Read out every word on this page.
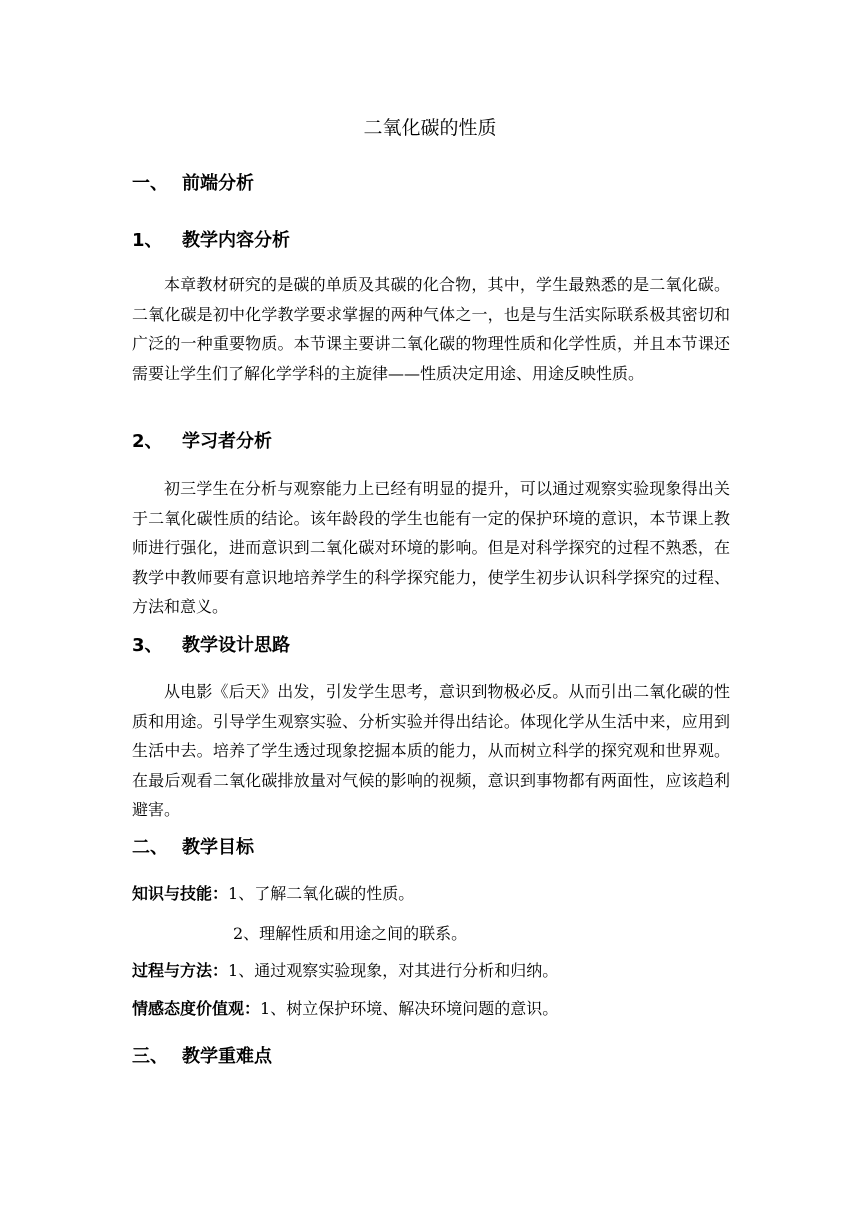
二氧化碳的性质
一、 前端分析
1、 教学内容分析
本章教材研究的是碳的单质及其碳的化合物，其中，学生最熟悉的是二氧化碳。二氧化碳是初中化学教学要求掌握的两种气体之一，也是与生活实际联系极其密切和广泛的一种重要物质。本节课主要讲二氧化碳的物理性质和化学性质，并且本节课还需要让学生们了解化学学科的主旋律——性质决定用途、用途反映性质。
2、 学习者分析
初三学生在分析与观察能力上已经有明显的提升，可以通过观察实验现象得出关于二氧化碳性质的结论。该年龄段的学生也能有一定的保护环境的意识，本节课上教师进行强化，进而意识到二氧化碳对环境的影响。但是对科学探究的过程不熟悉，在教学中教师要有意识地培养学生的科学探究能力，使学生初步认识科学探究的过程、方法和意义。
3、 教学设计思路
从电影《后天》出发，引发学生思考，意识到物极必反。从而引出二氧化碳的性质和用途。引导学生观察实验、分析实验并得出结论。体现化学从生活中来，应用到生活中去。培养了学生透过现象挖掘本质的能力，从而树立科学的探究观和世界观。在最后观看二氧化碳排放量对气候的影响的视频，意识到事物都有两面性，应该趋利避害。
二、 教学目标
知识与技能：1、了解二氧化碳的性质。
2、理解性质和用途之间的联系。
过程与方法：1、通过观察实验现象，对其进行分析和归纳。
情感态度价值观：1、树立保护环境、解决环境问题的意识。
三、 教学重难点
